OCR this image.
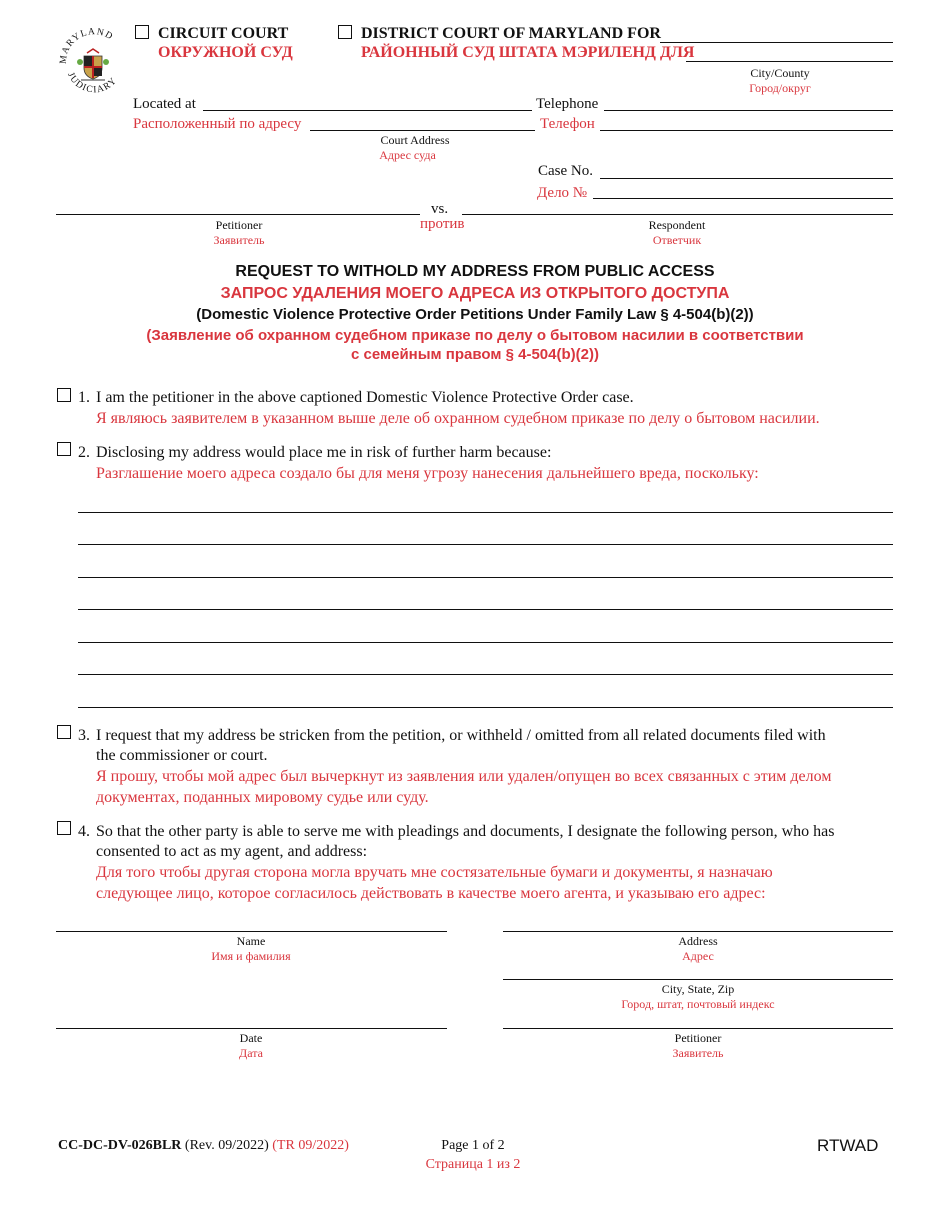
MARYLAND
JUDICIARY
CIRCUIT COURT
ОКРУЖНОЙ СУД
DISTRICT COURT OF MARYLAND FOR
РАЙОННЫЙ СУД ШТАТА МЭРИЛЕНД ДЛЯ
City/County
Город/округ
Located at
Расположенный по адресу
Court Address
Адрес суда
Telephone
Телефон
Case No.
Дело №
vs.
против
Petitioner
Заявитель
Respondent
Ответчик
REQUEST TO WITHOLD MY ADDRESS FROM PUBLIC ACCESS
ЗАПРОС УДАЛЕНИЯ МОЕГО АДРЕСА ИЗ ОТКРЫТОГО ДОСТУПА
(Domestic Violence Protective Order Petitions Under Family Law § 4-504(b)(2))
(Заявление об охранном судебном приказе по делу о бытовом насилии в соответствии
с семейным правом § 4-504(b)(2))
1. I am the petitioner in the above captioned Domestic Violence Protective Order case.
Я являюсь заявителем в указанном выше деле об охранном судебном приказе по делу о бытовом насилии.
2. Disclosing my address would place me in risk of further harm because:
Разглашение моего адреса создало бы для меня угрозу нанесения дальнейшего вреда, поскольку:
3. I request that my address be stricken from the petition, or withheld / omitted from all related documents filed with
the commissioner or court.
Я прошу, чтобы мой адрес был вычеркнут из заявления или удален/опущен во всех связанных с этим делом
документах, поданных мировому судье или суду.
4. So that the other party is able to serve me with pleadings and documents, I designate the following person, who has
consented to act as my agent, and address:
Для того чтобы другая сторона могла вручать мне состязательные бумаги и документы, я назначаю
следующее лицо, которое согласилось действовать в качестве моего агента, и указываю его адрес:
Name
Имя и фамилия
Address
Адрес
City, State, Zip
Город, штат, почтовый индекс
Date
Дата
Petitioner
Заявитель
CC-DC-DV-026BLR (Rev. 09/2022) (TR 09/2022)	Page 1 of 2
Страница 1 из 2
RTWAD
